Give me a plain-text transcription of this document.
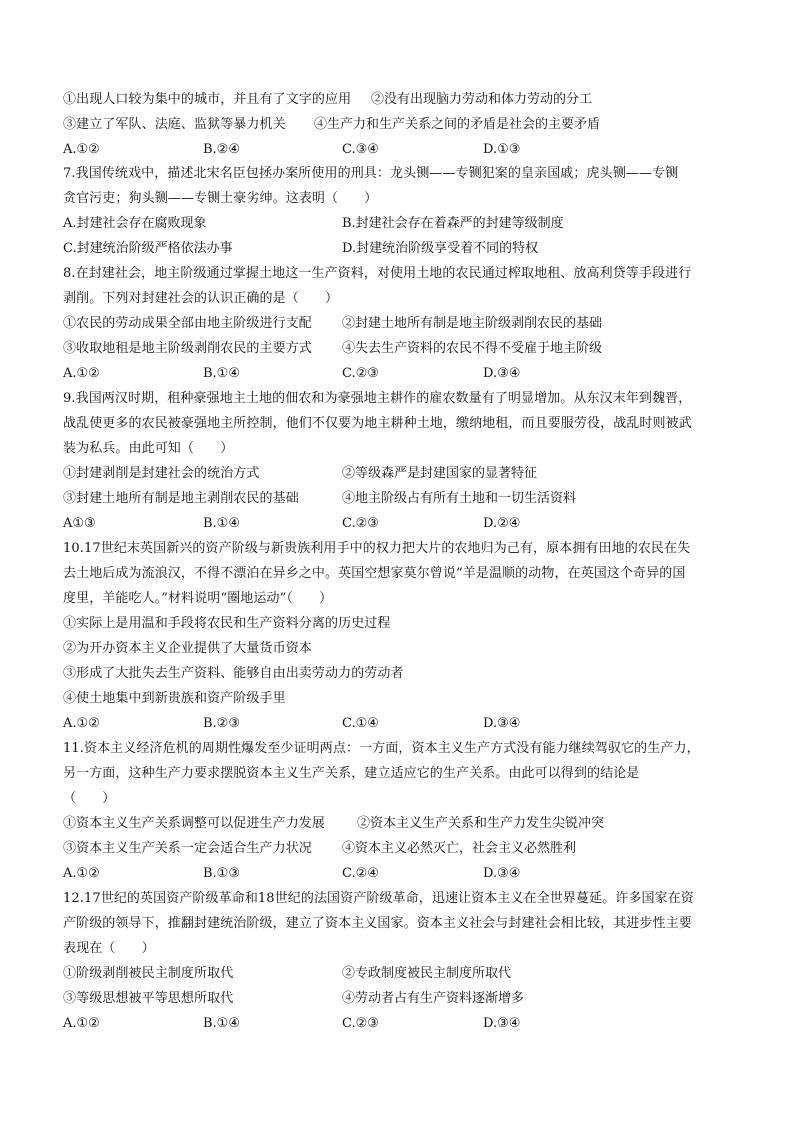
①出现人口较为集中的城市，并且有了文字的应用 ②没有出现脑力劳动和体力劳动的分工
③建立了军队、法庭、监狱等暴力机关 ④生产力和生产关系之间的矛盾是社会的主要矛盾
A.①②	B.②④	C.③④	D.①③
7.我国传统戏中，描述北宋名臣包拯办案所使用的刑具：龙头铡——专铡犯案的皇亲国戚；虎头铡——专铡
贪官污吏；狗头铡——专铡土豪劣绅。这表明（　　）
A.封建社会存在腐败现象	B.封建社会存在着森严的封建等级制度
C.封建统治阶级严格依法办事	D.封建统治阶级享受着不同的特权
8.在封建社会，地主阶级通过掌握土地这一生产资料，对使用土地的农民通过榨取地租、放高利贷等手段进行
剥削。下列对封建社会的认识正确的是（　　）
①农民的劳动成果全部由地主阶级进行支配 ②封建土地所有制是地主阶级剥削农民的基础
③收取地租是地主阶级剥削农民的主要方式 ④失去生产资料的农民不得不受雇于地主阶级
A.①②	B.①④	C.②③	D.③④
9.我国两汉时期，租种豪强地主土地的佃农和为豪强地主耕作的雇农数量有了明显增加。从东汉末年到魏晋，
战乱使更多的农民被豪强地主所控制，他们不仅要为地主耕种土地，缴纳地租，而且要服劳役，战乱时则被武
装为私兵。由此可知（　　）
①封建剥削是封建社会的统治方式	②等级森严是封建国家的显著特征
③封建土地所有制是地主剥削农民的基础	④地主阶级占有所有土地和一切生活资料
A①③	B.①④	C.②③	D.②④
10.17世纪末英国新兴的资产阶级与新贵族利用手中的权力把大片的农地归为己有，原本拥有田地的农民在失
去土地后成为流浪汉，不得不漂泊在异乡之中。英国空想家莫尔曾说“羊是温顺的动物，在英国这个奇异的国
度里，羊能吃人。”材料说明“圈地运动”（　　）
①实际上是用温和手段将农民和生产资料分离的历史过程
②为开办资本主义企业提供了大量货币资本
③形成了大批失去生产资料、能够自由出卖劳动力的劳动者
④使土地集中到新贵族和资产阶级手里
A.①②	B.②③	C.①④	D.③④
11.资本主义经济危机的周期性爆发至少证明两点：一方面，资本主义生产方式没有能力继续驾驭它的生产力，
另一方面，这种生产力要求摆脱资本主义生产关系，建立适应它的生产关系。由此可以得到的结论是
（　　）
①资本主义生产关系调整可以促进生产力发展 ②资本主义生产关系和生产力发生尖锐冲突
③资本主义生产关系一定会适合生产力状况 ④资本主义必然灭亡，社会主义必然胜利
A.①②	B.①③	C.②④	D.③④
12.17世纪的英国资产阶级革命和18世纪的法国资产阶级革命，迅速让资本主义在全世界蔓延。许多国家在资
产阶级的领导下，推翻封建统治阶级，建立了资本主义国家。资本主义社会与封建社会相比较，其进步性主要
表现在（　　）
①阶级剥削被民主制度所取代	②专政制度被民主制度所取代
③等级思想被平等思想所取代	④劳动者占有生产资料逐渐增多
A.①②	B.①④	C.②③	D.③④
